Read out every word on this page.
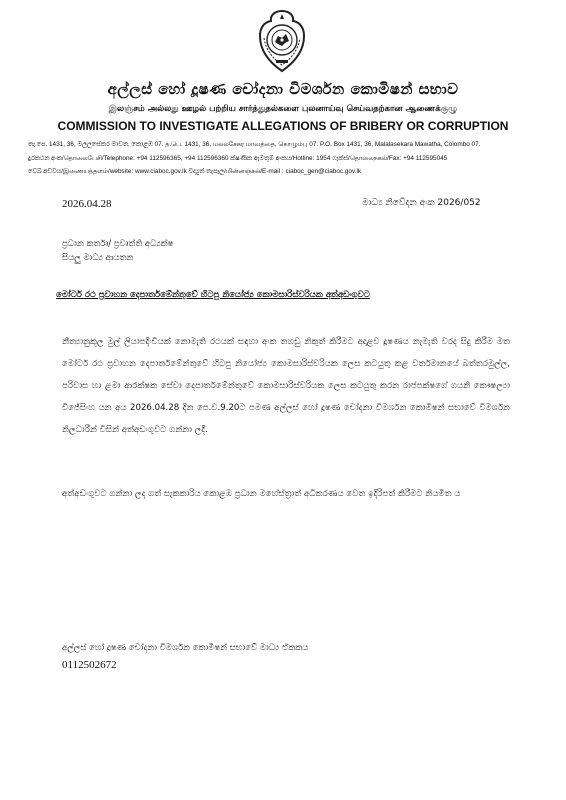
අල්ලස් හෝ දූෂණ චෝදනා විමර්ශන කොමිෂන් සභාව
இலஞ்சம் அல்லது ஊழல் பற்றிய சார்த்துதல்களை புலனாய்வு செய்வதற்கான ஆணைக்குழு
COMMISSION TO INVESTIGATE ALLEGATIONS OF BRIBERY OR CORRUPTION
තැ.පෙ. 1431, 36, මලලසේකර මාවත, කොළඹ 07. த.பெ. 1431, 36, மலலசேகர மாவத்தை, கொழும்பு 07. P.O. Box 1431, 36, Malalasekara Mawatha, Colombo 07.
දුරකථන අංක/தொலைபேசி/Telephone: +94 112596365, +94 112596360 ක්ෂණික ඇමතුම් අංකය/Hotline: 1954 ෆැක්ස්/தொலைநகல்/Fax: +94 112595045
වෙබ් අඩවිය/இணையத்தளம்/website: www.ciaboc.gov.lk විද්‍යුත් තැපෑල/மின்னஞ்சல்/E-mail : ciaboc_gen@ciaboc.gov.lk
2026.04.28	මාධ්‍ය නිවේදන අංක 2026/052
ප්‍රධාන කර්තෘ/ ප්‍රවෘත්ති අධ්‍යක්ෂ
සියලු මාධ්‍ය ආයතන
මෝටර් රථ ප්‍රවාහන දෙපාර්තමේන්තුවේ හිටපු නියෝජ්‍ය කොමසාරිස්වරියක අත්අඩංගුවට
නීත්‍යානුකූල මුල් ලියාපදිංචියක් නොමැති රථයක් සඳහා අංක තහඩු නිකුත් කිරීමට අදාළව දූෂණය නැමැති වරද සිදු කිරීම මත මෝටර් රථ ප්‍රවාහන දෙපාර්තමේන්තුවේ හිටපු නියෝජ්‍ය කොමසාරිස්වරියක ලෙස කටයුතු කළ වර්තමානයේ බත්තරමුල්ල, පරිවාස හා ළමා ආරක්ෂක සේවා දෙපාර්තමේන්තුවේ කොමසාරිස්වරියක ලෙස කටයුතු කරන රාජපක්ෂගේ ගයනි කෞෂල්‍යා විජේසිංහ යන අය 2026.04.28 දින පෙ.ව.9.20ට පමණ අල්ලස් හෝ දූෂණ චෝදනා විමර්ශන කොමිෂන් සභාවේ විමර්ශන නිලධාරීන් විසින් අත්අඩංගුවට ගන්නා ලදී.
අත්අඩංගුවට ගන්නා ලද ගත් සැකකාරිය කොළඹ ප්‍රධාන මහේස්ත්‍රාත් අධිකරණය වෙත ඉදිරිපත් කිරීමට නියමිත ය
අල්ලස් හෝ දූෂණ චෝදනා විමර්ශන කොමිෂන් සභාවේ මාධ්‍ය ඒකකය
0112502672
